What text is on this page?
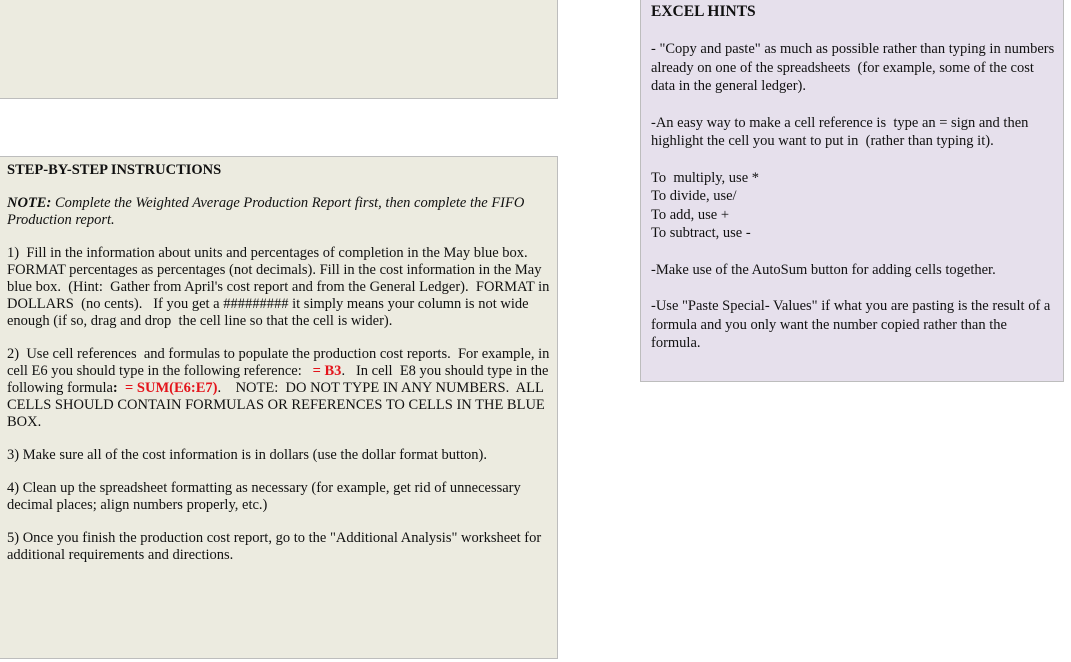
STEP-BY-STEP INSTRUCTIONS

NOTE: Complete the Weighted Average Production Report first, then complete the FIFO Production report.

1)  Fill in the information about units and percentages of completion in the May blue box.  FORMAT percentages as percentages (not decimals). Fill in the cost information in the May blue box.  (Hint:  Gather from April's cost report and from the General Ledger).  FORMAT in DOLLARS  (no cents).   If you get a ######### it simply means your column is not wide enough (if so, drag and drop  the cell line so that the cell is wider).

2)  Use cell references  and formulas to populate the production cost reports.  For example, in cell E6 you should type in the following reference:   = B3.   In cell  E8 you should type in the following formula:  = SUM(E6:E7).    NOTE:  DO NOT TYPE IN ANY NUMBERS.  ALL CELLS SHOULD CONTAIN FORMULAS OR REFERENCES TO CELLS IN THE BLUE BOX.

3) Make sure all of the cost information is in dollars (use the dollar format button).

4) Clean up the spreadsheet formatting as necessary (for example, get rid of unnecessary decimal places; align numbers properly, etc.)

5) Once you finish the production cost report, go to the "Additional Analysis" worksheet for additional requirements and directions.

EXCEL HINTS

- "Copy and paste" as much as possible rather than typing in numbers already on one of the spreadsheets  (for example, some of the cost data in the general ledger).

-An easy way to make a cell reference is  type an = sign and then highlight the cell you want to put in  (rather than typing it).

To  multiply, use *

To divide, use/

To add, use +

To subtract, use -

-Make use of the AutoSum button for adding cells together.

-Use "Paste Special- Values" if what you are pasting is the result of a formula and you only want the number copied rather than the formula.
